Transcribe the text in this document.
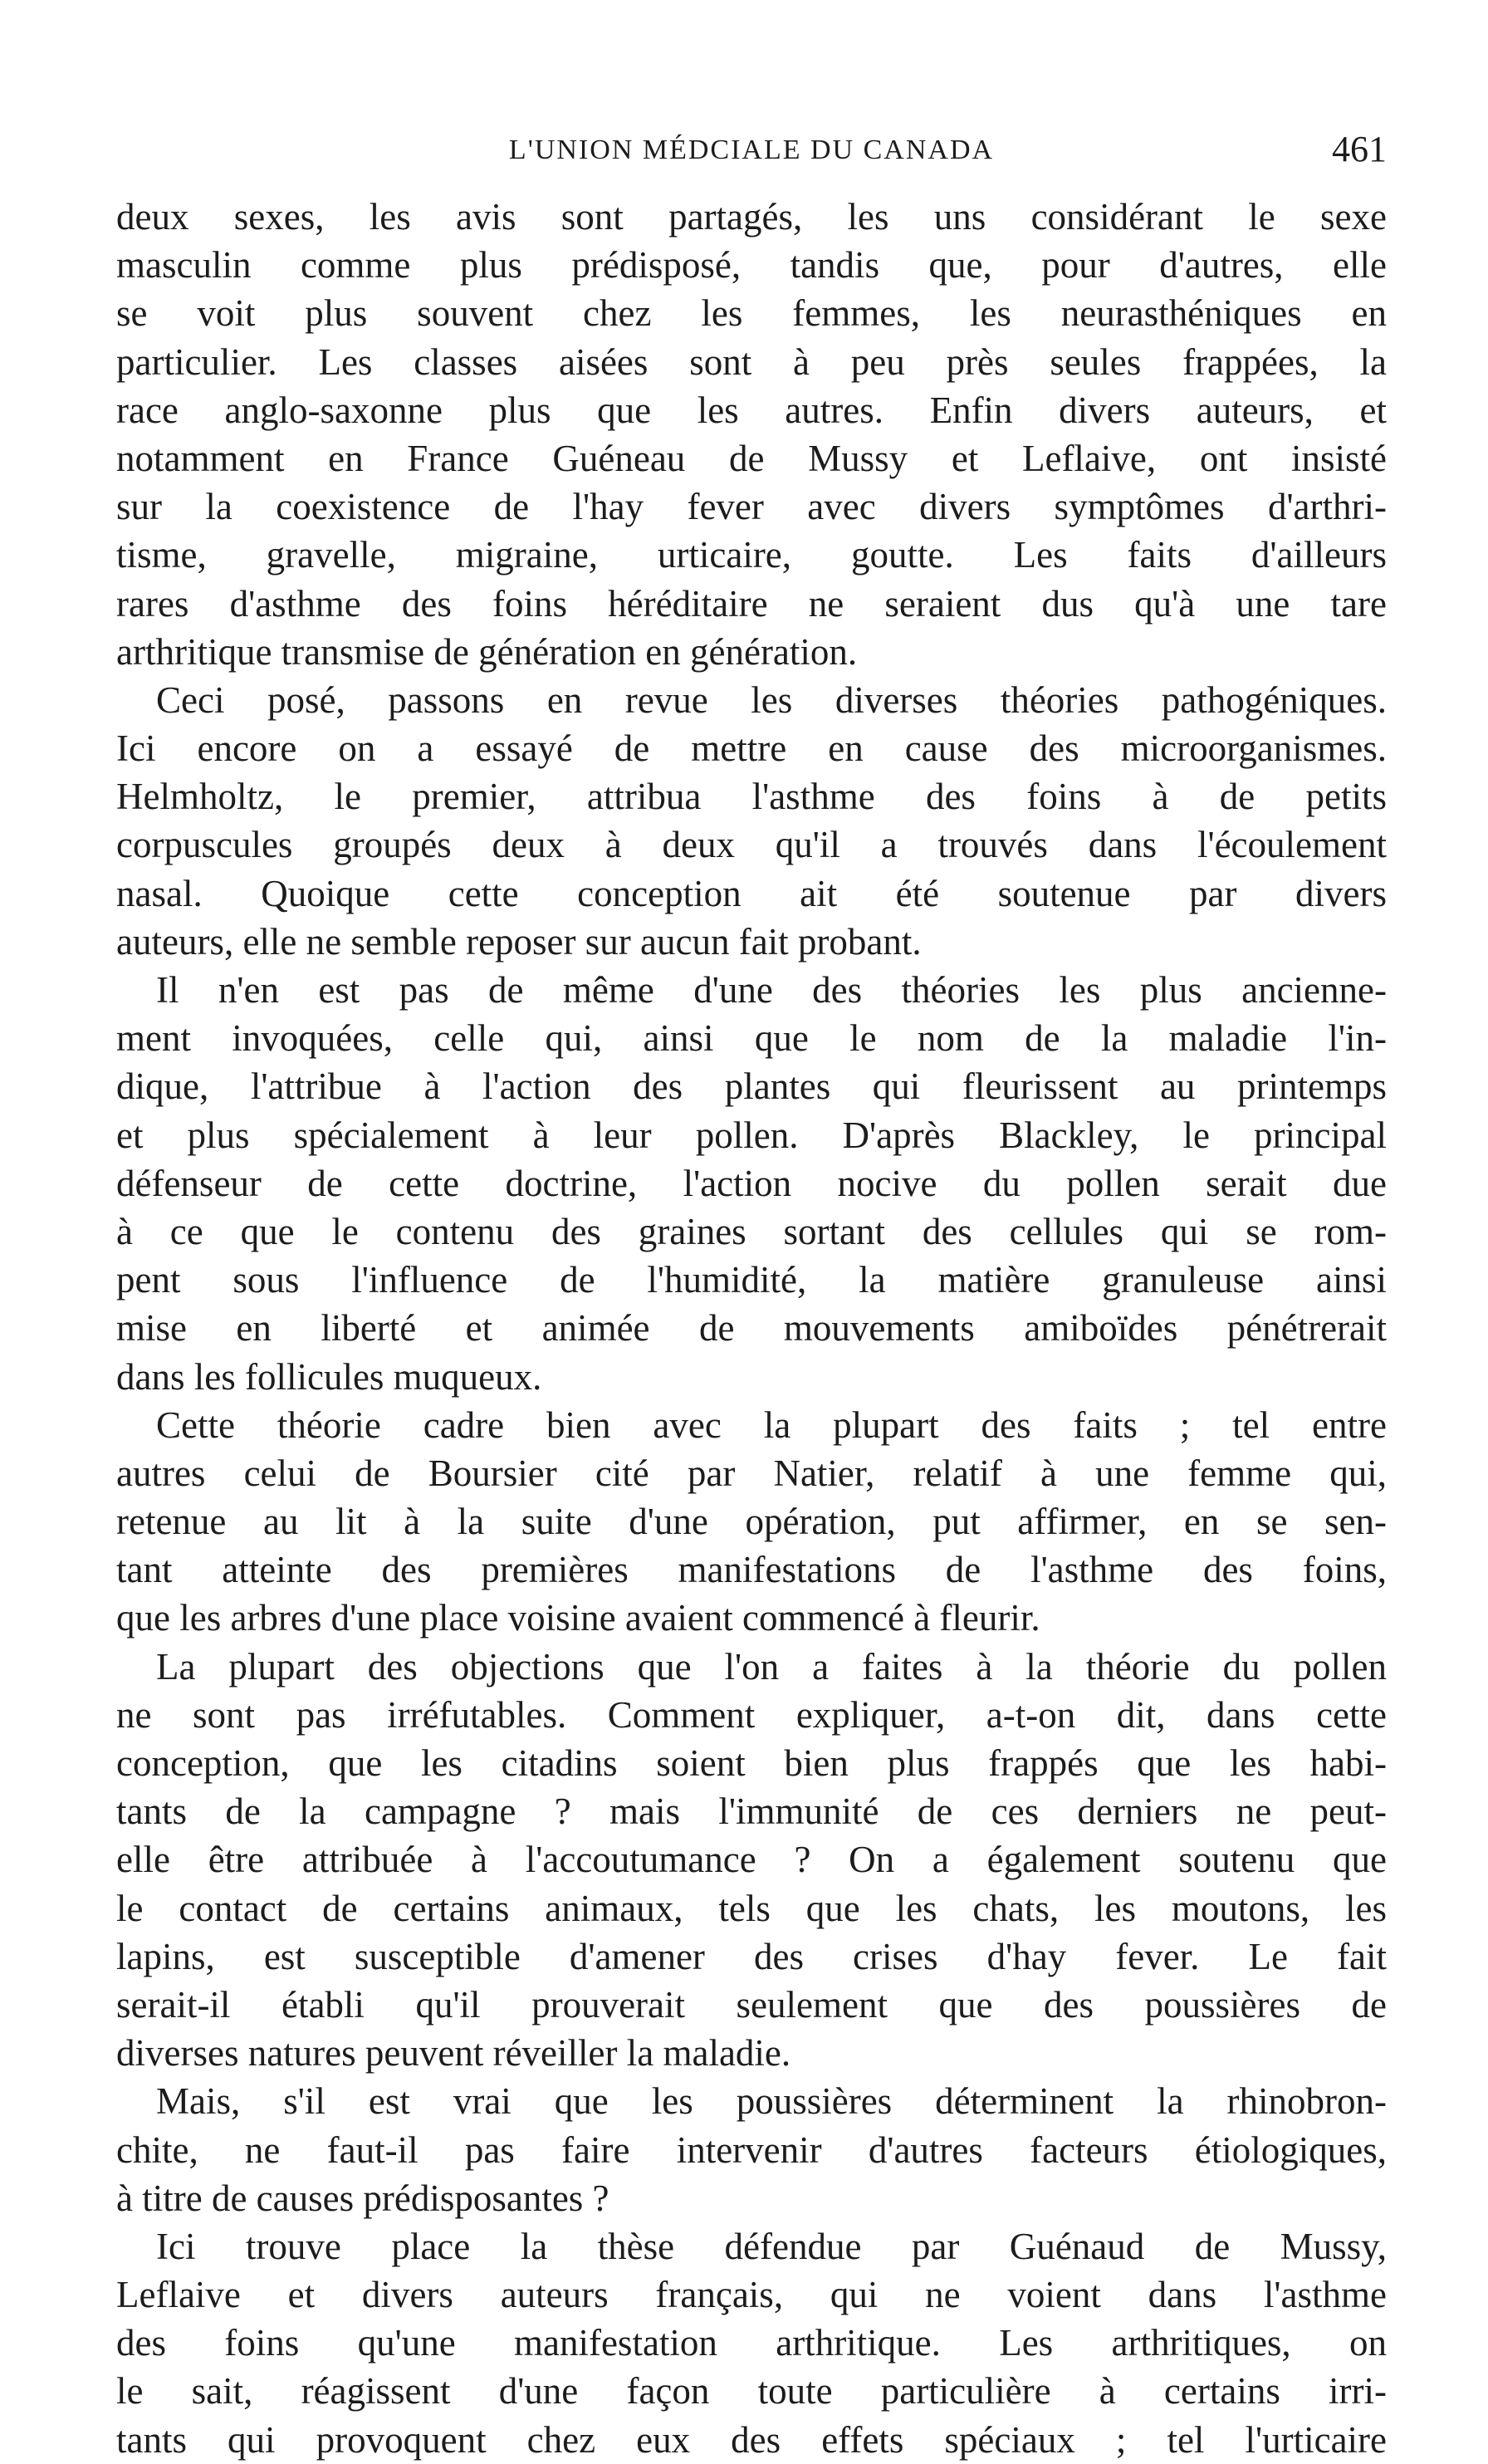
L'UNION MÉDCIALE DU CANADA	461
deux sexes, les avis sont partagés, les uns considérant le sexe
masculin comme plus prédisposé, tandis que, pour d'autres, elle
se voit plus souvent chez les femmes, les neurasthéniques en
particulier. Les classes aisées sont à peu près seules frappées, la
race anglo-saxonne plus que les autres. Enfin divers auteurs, et
notamment en France Guéneau de Mussy et Leflaive, ont insisté
sur la coexistence de l'hay fever avec divers symptômes d'arthri-
tisme, gravelle, migraine, urticaire, goutte. Les faits d'ailleurs
rares d'asthme des foins héréditaire ne seraient dus qu'à une tare
arthritique transmise de génération en génération.
Ceci posé, passons en revue les diverses théories pathogéniques.
Ici encore on a essayé de mettre en cause des microorganismes.
Helmholtz, le premier, attribua l'asthme des foins à de petits
corpuscules groupés deux à deux qu'il a trouvés dans l'écoulement
nasal. Quoique cette conception ait été soutenue par divers
auteurs, elle ne semble reposer sur aucun fait probant.
Il n'en est pas de même d'une des théories les plus ancienne-
ment invoquées, celle qui, ainsi que le nom de la maladie l'in-
dique, l'attribue à l'action des plantes qui fleurissent au printemps
et plus spécialement à leur pollen. D'après Blackley, le principal
défenseur de cette doctrine, l'action nocive du pollen serait due
à ce que le contenu des graines sortant des cellules qui se rom-
pent sous l'influence de l'humidité, la matière granuleuse ainsi
mise en liberté et animée de mouvements amiboïdes pénétrerait
dans les follicules muqueux.
Cette théorie cadre bien avec la plupart des faits ; tel entre
autres celui de Boursier cité par Natier, relatif à une femme qui,
retenue au lit à la suite d'une opération, put affirmer, en se sen-
tant atteinte des premières manifestations de l'asthme des foins,
que les arbres d'une place voisine avaient commencé à fleurir.
La plupart des objections que l'on a faites à la théorie du pollen
ne sont pas irréfutables. Comment expliquer, a-t-on dit, dans cette
conception, que les citadins soient bien plus frappés que les habi-
tants de la campagne ? mais l'immunité de ces derniers ne peut-
elle être attribuée à l'accoutumance ? On a également soutenu que
le contact de certains animaux, tels que les chats, les moutons, les
lapins, est susceptible d'amener des crises d'hay fever. Le fait
serait-il établi qu'il prouverait seulement que des poussières de
diverses natures peuvent réveiller la maladie.
Mais, s'il est vrai que les poussières déterminent la rhinobron-
chite, ne faut-il pas faire intervenir d'autres facteurs étiologiques,
à titre de causes prédisposantes ?
Ici trouve place la thèse défendue par Guénaud de Mussy,
Leflaive et divers auteurs français, qui ne voient dans l'asthme
des foins qu'une manifestation arthritique. Les arthritiques, on
le sait, réagissent d'une façon toute particulière à certains irri-
tants qui provoquent chez eux des effets spéciaux ; tel l'urticaire
